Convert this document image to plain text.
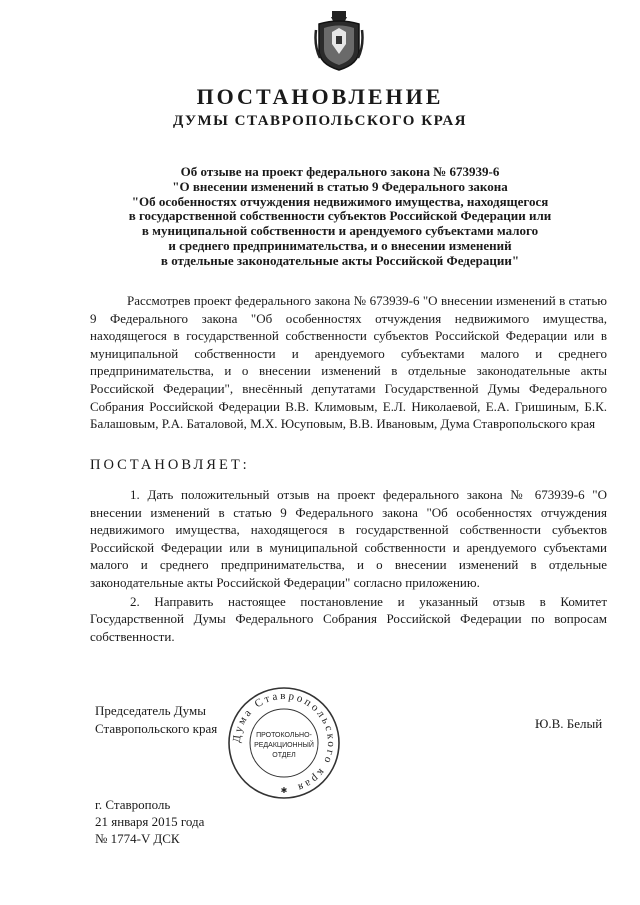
ПОСТАНОВЛЕНИЕ
ДУМЫ СТАВРОПОЛЬСКОГО КРАЯ
Об отзыве на проект федерального закона № 673939-6
"О внесении изменений в статью 9 Федерального закона
"Об особенностях отчуждения недвижимого имущества, находящегося
в государственной собственности субъектов Российской Федерации или
в муниципальной собственности и арендуемого субъектами малого
и среднего предпринимательства, и о внесении изменений
в отдельные законодательные акты Российской Федерации"

Рассмотрев проект федерального закона № 673939-6 "О внесении изменений в статью 9 Федерального закона "Об особенностях отчуждения недвижимого имущества, находящегося в государственной собственности субъектов Российской Федерации или в муниципальной собственности и арендуемого субъектами малого и среднего предпринимательства, и о внесении изменений в отдельные законодательные акты Российской Федерации", внесённый депутатами Государственной Думы Федерального Собрания Российской Федерации В.В. Климовым, Е.Л. Николаевой, Е.А. Гришиным, Б.К. Балашовым, Р.А. Баталовой, М.Х. Юсуповым, В.В. Ивановым, Дума Ставропольского края

ПОСТАНОВЛЯЕТ:

1. Дать положительный отзыв на проект федерального закона № 673939-6 "О внесении изменений в статью 9 Федерального закона "Об особенностях отчуждения недвижимого имущества, находящегося в государственной собственности субъектов Российской Федерации или в муниципальной собственности и арендуемого субъектами малого и среднего предпринимательства, и о внесении изменений в отдельные законодательные акты Российской Федерации" согласно приложению.

2. Направить настоящее постановление и указанный отзыв в Комитет Государственной Думы Федерального Собрания Российской Федерации по вопросам собственности.

Председатель Думы
Ставропольского края	Ю.В. Белый
Дума Ставропольского края
ПРОТОКОЛЬНО-
РЕДАКЦИОННЫЙ
ОТДЕЛ
✱
г. Ставрополь
21 января 2015 года
№ 1774-V ДСК
